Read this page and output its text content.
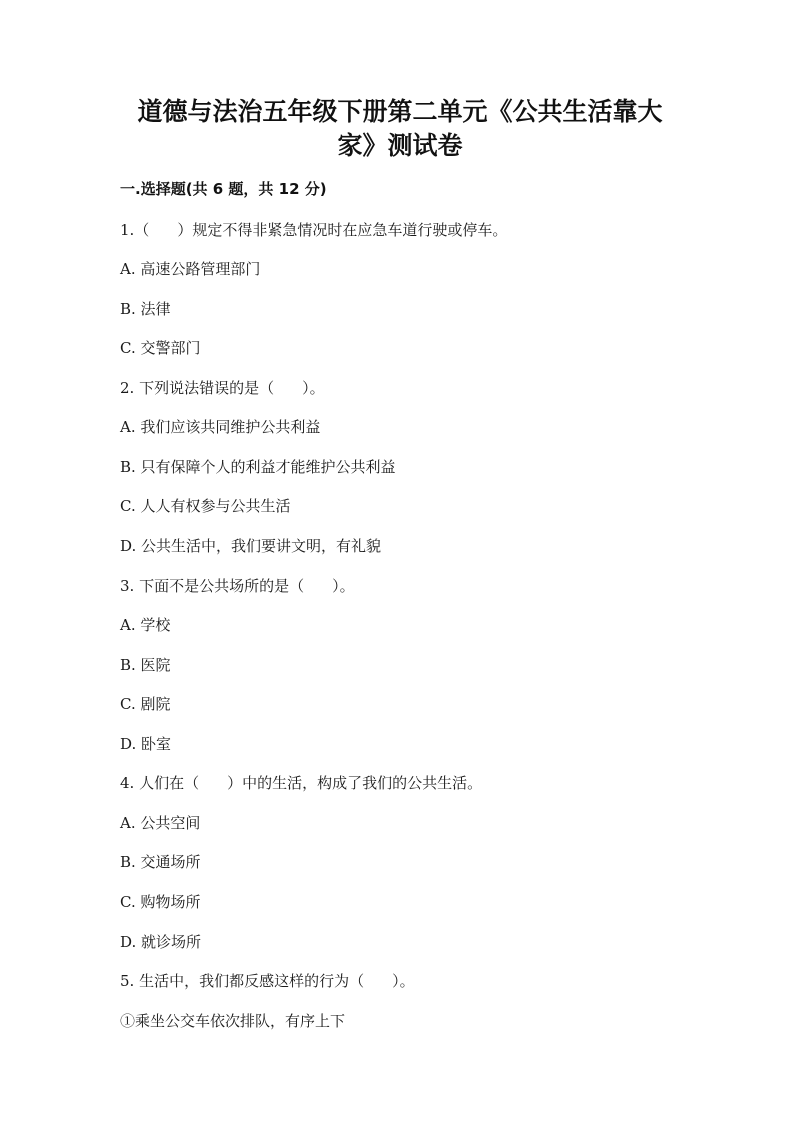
道德与法治五年级下册第二单元《公共生活靠大
家》测试卷
一.选择题(共 6 题，共 12 分)
1.（ ）规定不得非紧急情况时在应急车道行驶或停车。
A. 高速公路管理部门
B. 法律
C. 交警部门
2. 下列说法错误的是（ ）。
A. 我们应该共同维护公共利益
B. 只有保障个人的利益才能维护公共利益
C. 人人有权参与公共生活
D. 公共生活中，我们要讲文明，有礼貌
3. 下面不是公共场所的是（ ）。
A. 学校
B. 医院
C. 剧院
D. 卧室
4. 人们在（ ）中的生活，构成了我们的公共生活。
A. 公共空间
B. 交通场所
C. 购物场所
D. 就诊场所
5. 生活中，我们都反感这样的行为（ ）。
①乘坐公交车依次排队，有序上下
